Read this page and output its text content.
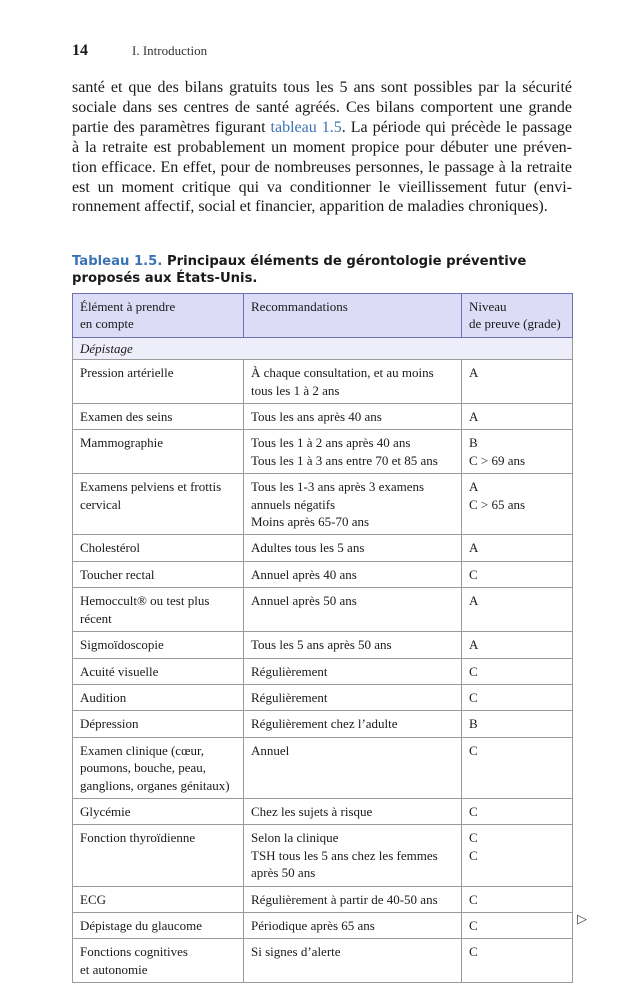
14	I. Introduction

santé et que des bilans gratuits tous les 5 ans sont possibles par la sécurité
sociale dans ses centres de santé agréés. Ces bilans comportent une grande
partie des paramètres figurant tableau 1.5. La période qui précède le passage
à la retraite est probablement un moment propice pour débuter une préven-
tion efficace. En effet, pour de nombreuses personnes, le passage à la retraite
est un moment critique qui va conditionner le vieillissement futur (envi-
ronnement affectif, social et financier, apparition de maladies chroniques).

Tableau 1.5. Principaux éléments de gérontologie préventive proposés aux États-Unis.
Élément à prendre
en compte	Recommandations	Niveau
de preuve (grade)

Dépistage		

Pression artérielle	À chaque consultation, et au moins
tous les 1 à 2 ans	A

Examen des seins	Tous les ans après 40 ans	A

Mammographie	Tous les 1 à 2 ans après 40 ans
Tous les 1 à 3 ans entre 70 et 85 ans	B
C > 69 ans

Examens pelviens et frottis
cervical	Tous les 1-3 ans après 3 examens
annuels négatifs
Moins après 65-70 ans	A
C > 65 ans

Cholestérol	Adultes tous les 5 ans	A

Toucher rectal	Annuel après 40 ans	C

Hemoccult® ou test plus
récent	Annuel après 50 ans	A

Sigmoïdoscopie	Tous les 5 ans après 50 ans	A

Acuité visuelle	Régulièrement	C

Audition	Régulièrement	C

Dépression	Régulièrement chez l’adulte	B

Examen clinique (cœur,
poumons, bouche, peau,
ganglions, organes génitaux)	Annuel	C

Glycémie	Chez les sujets à risque	C

Fonction thyroïdienne	Selon la clinique
TSH tous les 5 ans chez les femmes
après 50 ans	C
C

ECG	Régulièrement à partir de 40-50 ans	C

Dépistage du glaucome	Périodique après 65 ans	C

Fonctions cognitives
et autonomie	Si signes d’alerte	C
▷
